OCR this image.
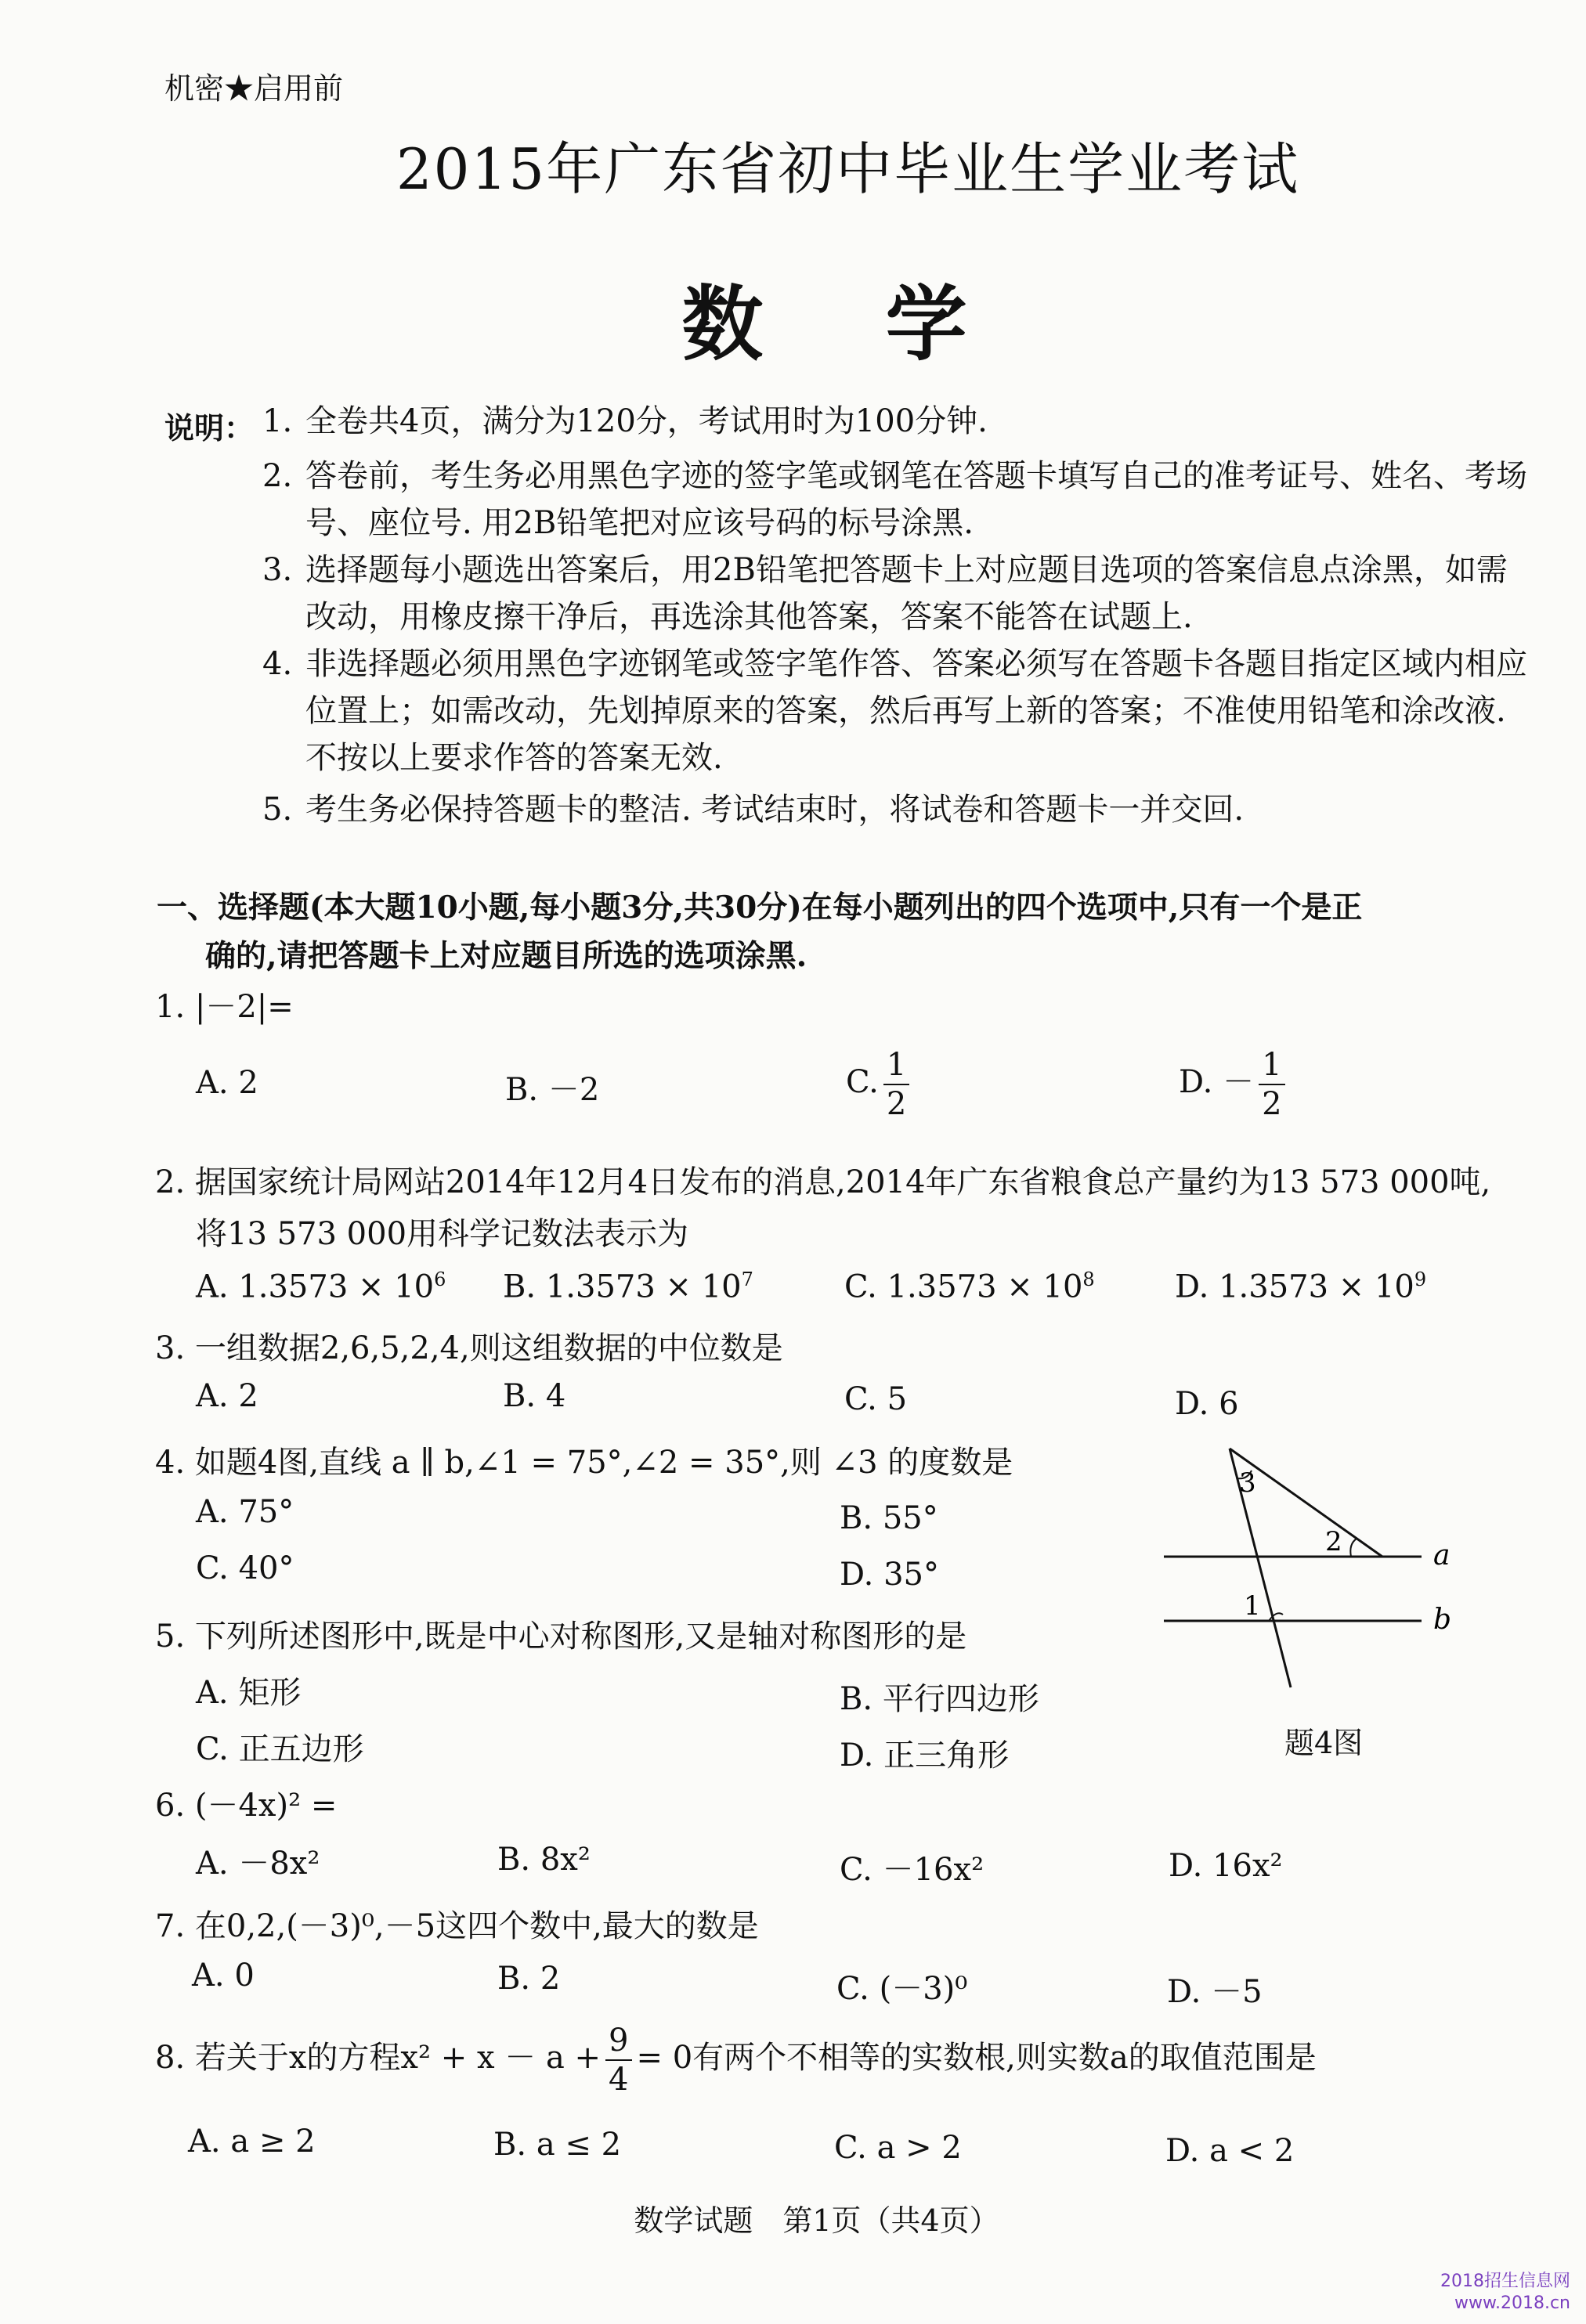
机密★启用前
2015年广东省初中毕业生学业考试
数 学
说明： 1. 全卷共4页，满分为120分，考试用时为100分钟.
2. 答卷前，考生务必用黑色字迹的签字笔或钢笔在答题卡填写自己的准考证号、姓名、考场号、座位号. 用2B铅笔把对应该号码的标号涂黑.
3. 选择题每小题选出答案后，用2B铅笔把答题卡上对应题目选项的答案信息点涂黑，如需改动，用橡皮擦干净后，再选涂其他答案，答案不能答在试题上.
4. 非选择题必须用黑色字迹钢笔或签字笔作答、答案必须写在答题卡各题目指定区域内相应位置上；如需改动，先划掉原来的答案，然后再写上新的答案；不准使用铅笔和涂改液. 不按以上要求作答的答案无效.
5. 考生务必保持答题卡的整洁. 考试结束时，将试卷和答题卡一并交回.
一、选择题(本大题10小题,每小题3分,共30分)在每小题列出的四个选项中,只有一个是正
确的,请把答题卡上对应题目所选的选项涂黑.
1. |－2|=
A. 2	B. －2	C. $\frac{1}{2}$	D. － $\frac{1}{2}$
2. 据国家统计局网站2014年12月4日发布的消息,2014年广东省粮食总产量约为13 573 000吨,
将13 573 000用科学记数法表示为
A. $1.3573 \times 10^6$ B. $1.3573 \times 10^7$	C. $1.3573 \times 10^8$	D. $1.3573 \times 10^9$
3. 一组数据2,6,5,2,4,则这组数据的中位数是
A. 2	B. 4	C. 5	D. 6
4. 如题4图,直线 a ∥ b,∠1 = 75°,∠2 = 35°,则 ∠3 的度数是
A. 75°	B. 55°
C. 40°	D. 35°
3
2
1
a
b
题4图
5. 下列所述图形中,既是中心对称图形,又是轴对称图形的是
A. 矩形	B. 平行四边形
C. 正五边形	D. 正三角形
6. (－4x)² =
A. －8x²	B. 8x²	C. －16x²	D. 16x²
7. 在0,2,(－3)⁰,－5这四个数中,最大的数是
A. 0	B. 2	C. (－3)⁰	D. －5
8. 若关于x的方程$x^2 + x - a + \frac{9}{4} = 0$有两个不相等的实数根,则实数a的取值范围是
A. a ≥ 2	B. a ≤ 2	C. a > 2	D. a < 2
数学试题　第1页（共4页）
2018招生信息网
www.2018.cn
